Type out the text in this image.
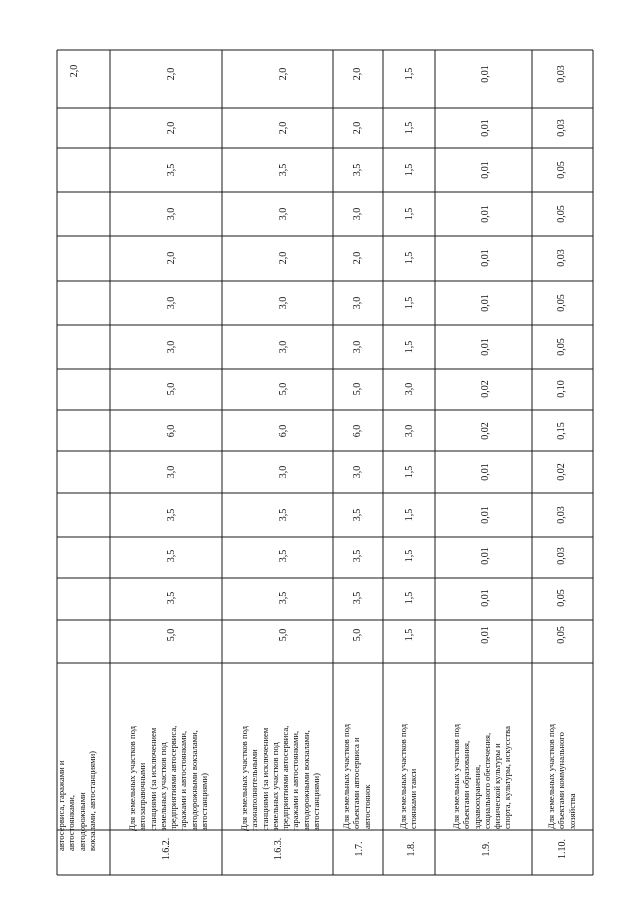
автосервиса, гаражами и
автостоянками,
автодорожными
вокзалами, автостанциями)
2,0
1.6.2.
Для земельных участков под
автозаправочными
станциями (за исключением
земельных участков под
предприятиями автосервиса,
гаражами и автостоянками,
автодорожными вокзалами,
автостанциями)
5,0
3,5
3,5
3,5
3,0
6,0
5,0
3,0
3,0
2,0
3,0
3,5
2,0
2,0
1.6.3.
Для земельных участков под
газонаполнительными
станциями (за исключением
земельных участков под
предприятиями автосервиса,
гаражами и автостоянками,
автодорожными вокзалами,
автостанциями)
5,0
3,5
3,5
3,5
3,0
6,0
5,0
3,0
3,0
2,0
3,0
3,5
2,0
2,0
1.7.
Для земельных участков под
объектами автосервиса и
автостоянок
5,0
3,5
3,5
3,5
3,0
6,0
5,0
3,0
3,0
2,0
3,0
3,5
2,0
2,0
1.8.
Для земельных участков под
стоянками такси
1,5
1,5
1,5
1,5
1,5
3,0
3,0
1,5
1,5
1,5
1,5
1,5
1,5
1,5
1.9.
Для земельных участков под
объектами образования,
здравоохранения,
социального обеспечения,
физической культуры и
спорта, культуры, искусства
0,01
0,01
0,01
0,01
0,01
0,02
0,02
0,01
0,01
0,01
0,01
0,01
0,01
0,01
1.10.
Для земельных участков под
объектами коммунального
хозяйства
0,05
0,05
0,03
0,03
0,02
0,15
0,10
0,05
0,05
0,03
0,05
0,05
0,03
0,03
